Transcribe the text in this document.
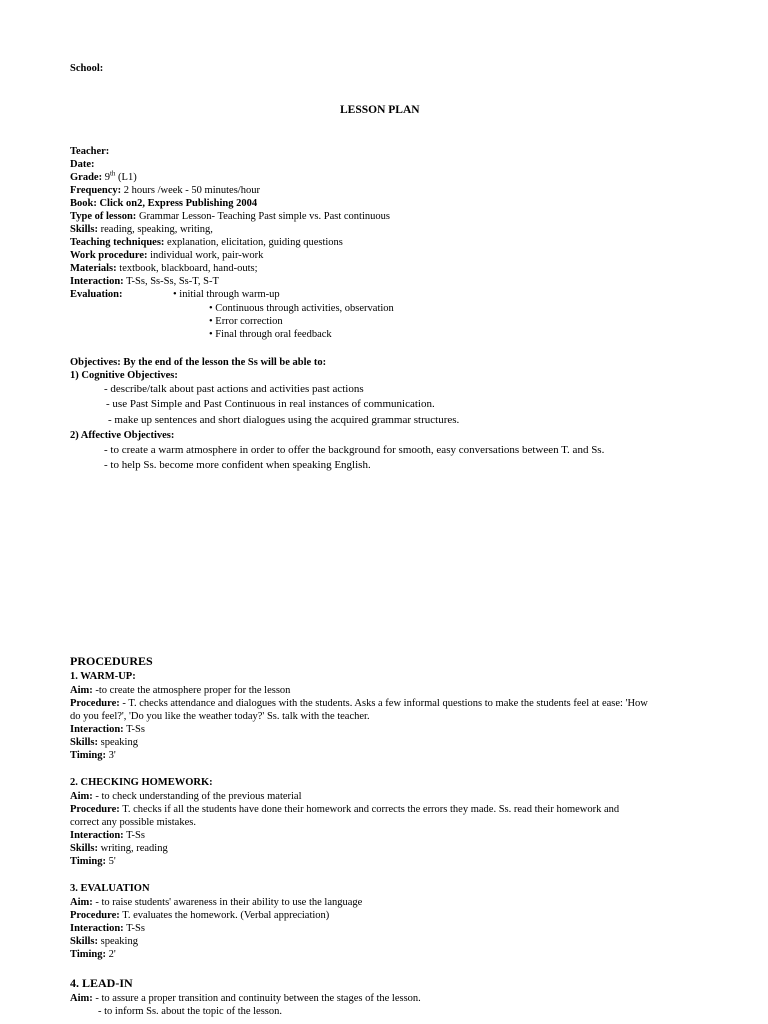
School:
LESSON PLAN
Teacher:
Date:
Grade: 9th (L1)
Frequency: 2 hours /week - 50 minutes/hour
Book: Click on2, Express Publishing 2004
Type of lesson: Grammar Lesson- Teaching Past simple vs. Past continuous
Skills: reading, speaking, writing,
Teaching techniques: explanation, elicitation, guiding questions
Work procedure: individual work, pair-work
Materials: textbook, blackboard, hand-outs;
Interaction: T-Ss, Ss-Ss, Ss-T, S-T
Evaluation:	• initial through warm-up
• Continuous through activities, observation
• Error correction
• Final through oral feedback
Objectives: By the end of the lesson the Ss will be able to:
1) Cognitive Objectives:
- describe/talk about past actions and activities past actions
- use Past Simple and Past Continuous in real instances of communication.
- make up sentences and short dialogues using the acquired grammar structures.
2) Affective Objectives:
- to create a warm atmosphere in order to offer the background for smooth, easy conversations between T. and Ss.
- to help Ss. become more confident when speaking English.
PROCEDURES
1. WARM-UP:
Aim: -to create the atmosphere proper for the lesson
Procedure: - T. checks attendance and dialogues with the students. Asks a few informal questions to make the students feel at ease: 'How
do you feel?', 'Do you like the weather today?' Ss. talk with the teacher.
Interaction: T-Ss
Skills: speaking
Timing: 3'
2. CHECKING HOMEWORK:
Aim: - to check understanding of the previous material
Procedure: T. checks if all the students have done their homework and corrects the errors they made. Ss. read their homework and
correct any possible mistakes.
Interaction: T-Ss
Skills: writing, reading
Timing: 5'
3. EVALUATION
Aim: - to raise students' awareness in their ability to use the language
Procedure: T. evaluates the homework. (Verbal appreciation)
Interaction: T-Ss
Skills: speaking
Timing: 2'
4. LEAD-IN
Aim: - to assure a proper transition and continuity between the stages of the lesson.
- to inform Ss. about the topic of the lesson.
